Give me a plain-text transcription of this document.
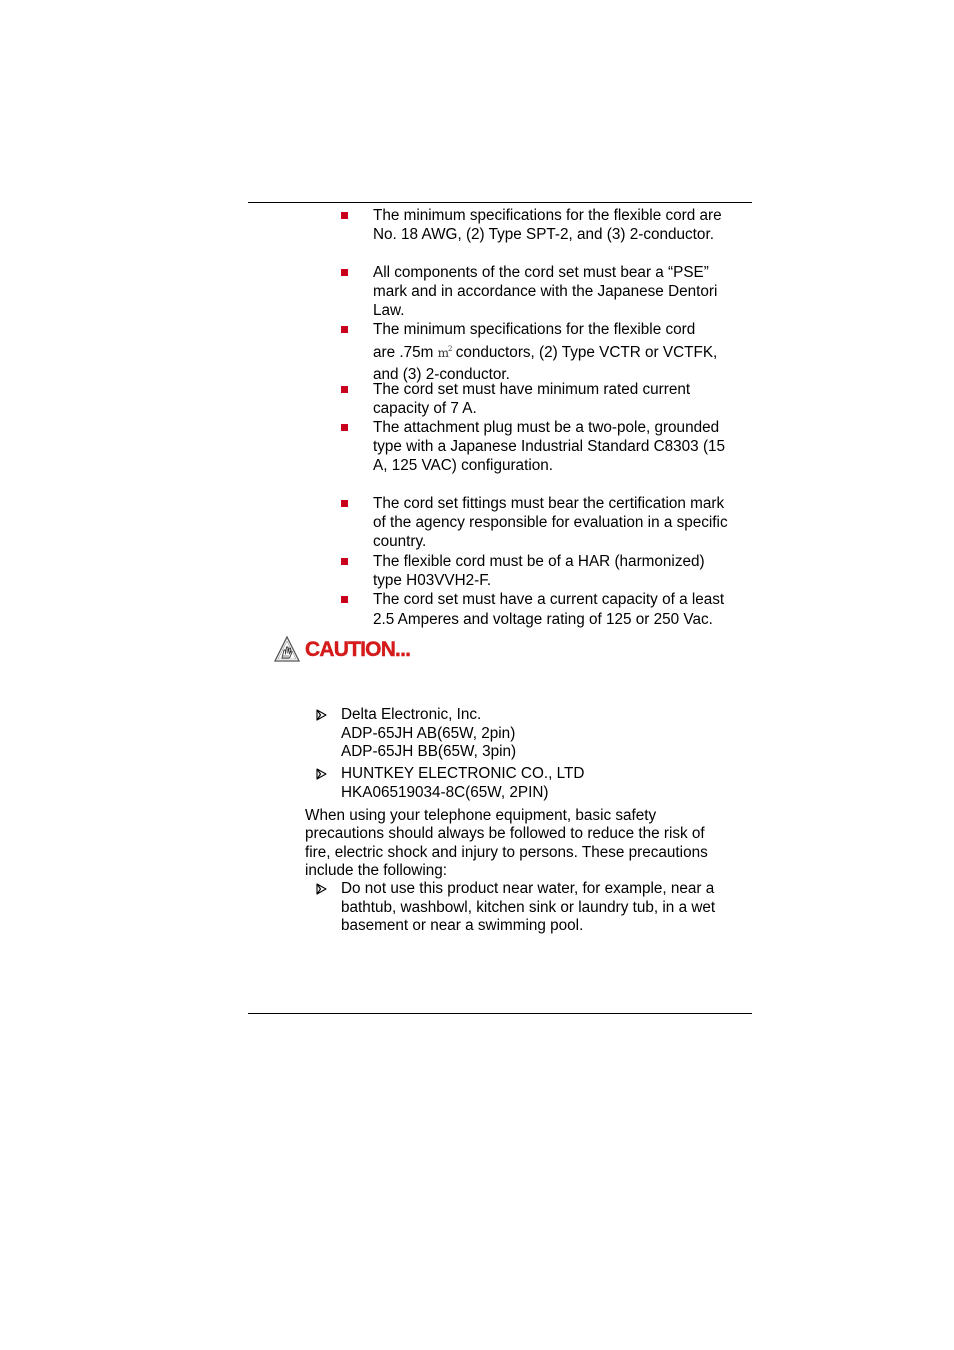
The minimum specifications for the flexible cord are
No. 18 AWG, (2) Type SPT-2, and (3) 2-conductor.
All components of the cord set must bear a “PSE”
mark and in accordance with the Japanese Dentori
Law.
The minimum specifications for the flexible cord
are .75m $m^2$ conductors, (2) Type VCTR or VCTFK,
and (3) 2-conductor.
The cord set must have minimum rated current
capacity of 7 A.
The attachment plug must be a two-pole, grounded
type with a Japanese Industrial Standard C8303 (15
A, 125 VAC) configuration.
The cord set fittings must bear the certification mark
of the agency responsible for evaluation in a specific
country.
The flexible cord must be of a HAR (harmonized)
type H03VVH2-F.
The cord set must have a current capacity of a least
2.5 Amperes and voltage rating of 125 or 250 Vac.
CAUTION...
Delta Electronic, Inc.
ADP-65JH AB(65W, 2pin)
ADP-65JH BB(65W, 3pin)
HUNTKEY ELECTRONIC CO., LTD
HKA06519034-8C(65W, 2PIN)
When using your telephone equipment, basic safety
precautions should always be followed to reduce the risk of
fire, electric shock and injury to persons. These precautions
include the following:
Do not use this product near water, for example, near a
bathtub, washbowl, kitchen sink or laundry tub, in a wet
basement or near a swimming pool.
